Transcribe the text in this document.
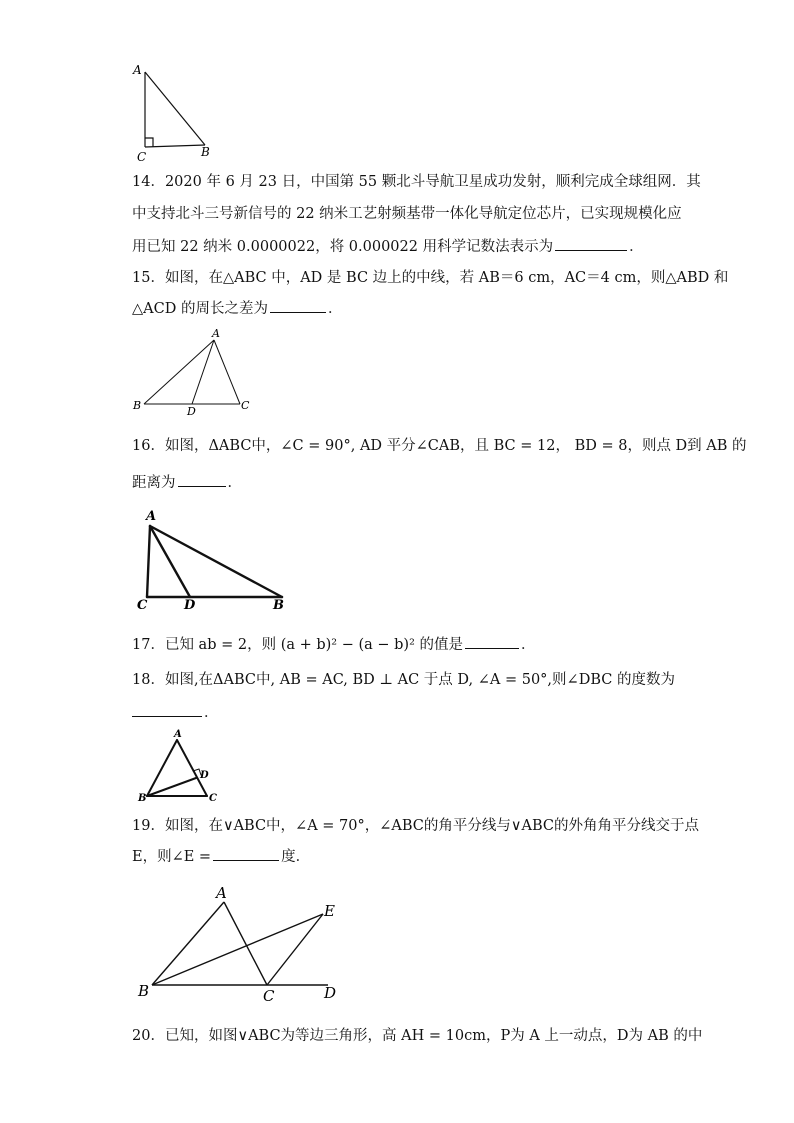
A
C	B
14．2020 年 6 月 23 日，中国第 55 颗北斗导航卫星成功发射，顺利完成全球组网．其
中支持北斗三号新信号的 22 纳米工艺射频基带一体化导航定位芯片，已实现规模化应
用已知 22 纳米 0.0000022，将 0.000022 用科学记数法表示为	．
15．如图，在△ABC 中，AD 是 BC 边上的中线，若 AB＝6 cm，AC＝4 cm，则△ABD 和
△ACD 的周长之差为	．
A
B	D	C
16．如图，ΔABC中，∠C = 90°, AD 平分∠CAB，且 BC = 12， BD = 8，则点 D到 AB 的
距离为	．
A
C	D	B
17．已知 ab = 2，则 (a + b)² − (a − b)² 的值是	．
18．如图,在ΔABC中, AB = AC, BD ⊥ AC 于点 D, ∠A = 50°,则∠DBC 的度数为
．
A
D
B	C
19．如图，在∨ABC中，∠A = 70°，∠ABC的角平分线与∨ABC的外角角平分线交于点
E，则∠E =	度．
A
E
B	C	D
20．已知，如图∨ABC为等边三角形，高 AH = 10cm，P为 A 上一动点，D为 AB 的中
